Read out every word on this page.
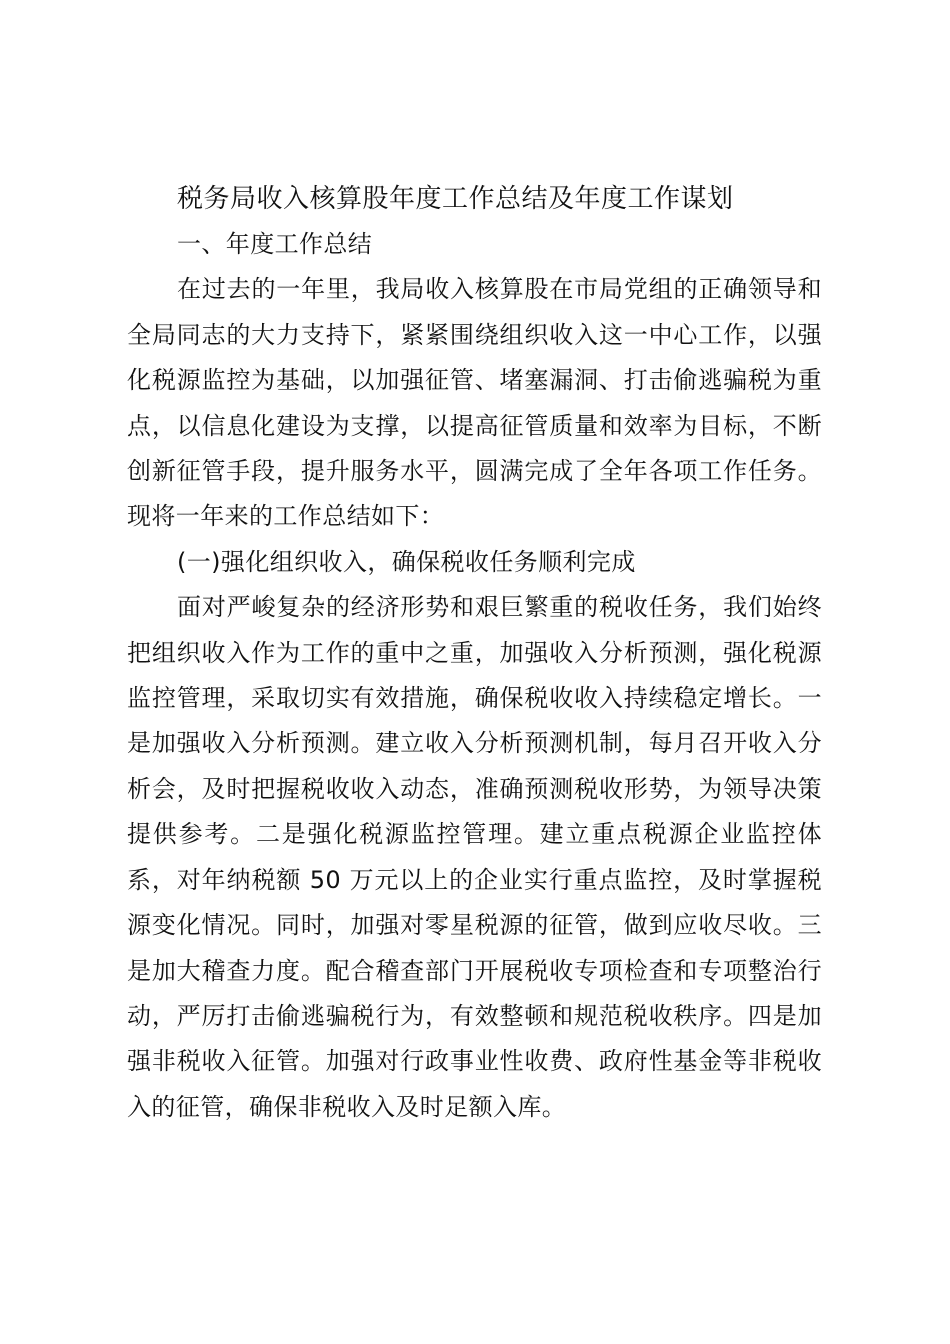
税务局收入核算股年度工作总结及年度工作谋划

一、年度工作总结

在过去的一年里，我局收入核算股在市局党组的正确领导和全局同志的大力支持下，紧紧围绕组织收入这一中心工作，以强化税源监控为基础，以加强征管、堵塞漏洞、打击偷逃骗税为重点，以信息化建设为支撑，以提高征管质量和效率为目标，不断创新征管手段，提升服务水平，圆满完成了全年各项工作任务。现将一年来的工作总结如下：

(一)强化组织收入，确保税收任务顺利完成

面对严峻复杂的经济形势和艰巨繁重的税收任务，我们始终把组织收入作为工作的重中之重，加强收入分析预测，强化税源监控管理，采取切实有效措施，确保税收收入持续稳定增长。一是加强收入分析预测。建立收入分析预测机制，每月召开收入分析会，及时把握税收收入动态，准确预测税收形势，为领导决策提供参考。二是强化税源监控管理。建立重点税源企业监控体系，对年纳税额 50 万元以上的企业实行重点监控，及时掌握税源变化情况。同时，加强对零星税源的征管，做到应收尽收。三是加大稽查力度。配合稽查部门开展税收专项检查和专项整治行动，严厉打击偷逃骗税行为，有效整顿和规范税收秩序。四是加强非税收入征管。加强对行政事业性收费、政府性基金等非税收入的征管，确保非税收入及时足额入库。
